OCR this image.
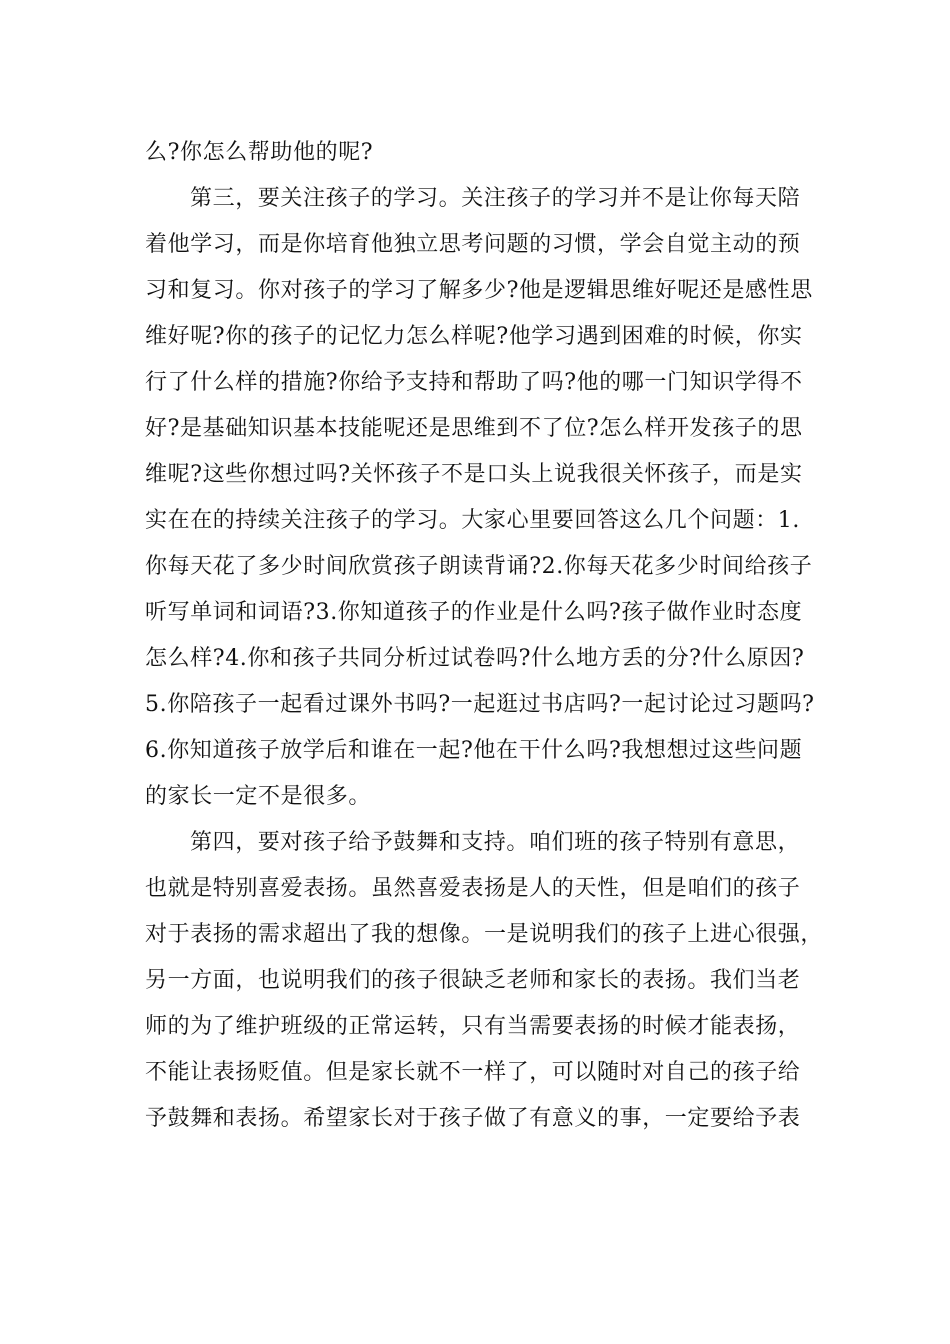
么?你怎么帮助他的呢?
第三，要关注孩子的学习。关注孩子的学习并不是让你每天陪
着他学习，而是你培育他独立思考问题的习惯，学会自觉主动的预
习和复习。你对孩子的学习了解多少?他是逻辑思维好呢还是感性思
维好呢?你的孩子的记忆力怎么样呢?他学习遇到困难的时候，你实
行了什么样的措施?你给予支持和帮助了吗?他的哪一门知识学得不
好?是基础知识基本技能呢还是思维到不了位?怎么样开发孩子的思
维呢?这些你想过吗?关怀孩子不是口头上说我很关怀孩子，而是实
实在在的持续关注孩子的学习。大家心里要回答这么几个问题：1.
你每天花了多少时间欣赏孩子朗读背诵?2.你每天花多少时间给孩子
听写单词和词语?3.你知道孩子的作业是什么吗?孩子做作业时态度
怎么样?4.你和孩子共同分析过试卷吗?什么地方丢的分?什么原因?
5.你陪孩子一起看过课外书吗?一起逛过书店吗?一起讨论过习题吗?
6.你知道孩子放学后和谁在一起?他在干什么吗?我想想过这些问题
的家长一定不是很多。
第四，要对孩子给予鼓舞和支持。咱们班的孩子特别有意思，
也就是特别喜爱表扬。虽然喜爱表扬是人的天性，但是咱们的孩子
对于表扬的需求超出了我的想像。一是说明我们的孩子上进心很强，
另一方面，也说明我们的孩子很缺乏老师和家长的表扬。我们当老
师的为了维护班级的正常运转，只有当需要表扬的时候才能表扬，
不能让表扬贬值。但是家长就不一样了，可以随时对自己的孩子给
予鼓舞和表扬。希望家长对于孩子做了有意义的事，一定要给予表
